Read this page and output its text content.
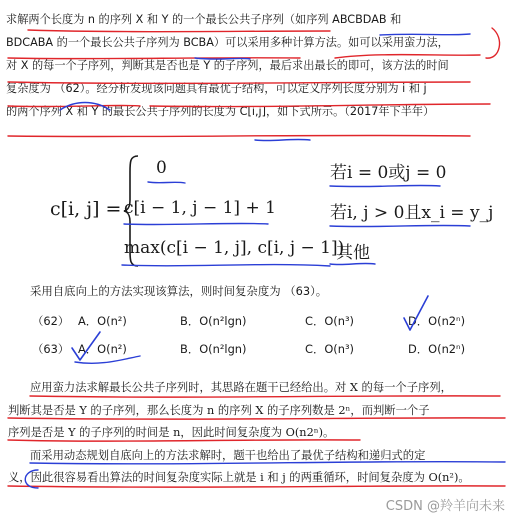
求解两个长度为 n 的序列 X 和 Y 的一个最长公共子序列（如序列 ABCBDAB 和
BDCABA 的一个最长公共子序列为 BCBA）可以采用多种计算方法。如可以采用蛮力法，
对 X 的每一个子序列，判断其是否也是 Y 的子序列，最后求出最长的即可，该方法的时间
复杂度为 （62）。经分析发现该问题具有最优子结构，可以定义序列长度分别为 i 和 j
的两个序列 X 和 Y 的最长公共子序列的长度为 C[i,j]，如下式所示。（2017年下半年）
c[i, j] =
0	若i = 0或j = 0
c[i − 1, j − 1] + 1	若i, j > 0且x_i = y_j
max(c[i − 1, j], c[i, j − 1])
其他
采用自底向上的方法实现该算法，则时间复杂度为 （63）。
（62） A．O(n²)	B．O(n²lgn)	C．O(n³)	D．O(n2ⁿ)
（63） A．O(n²)	B．O(n²lgn)	C．O(n³)	D．O(n2ⁿ)
应用蛮力法求解最长公共子序列时，其思路在题干已经给出。对 X 的每一个子序列，
判断其是否是 Y 的子序列，那么长度为 n 的序列 X 的子序列数是 2ⁿ，而判断一个子
序列是否是 Y 的子序列的时间是 n，因此时间复杂度为 O(n2ⁿ)。
而采用动态规划自底向上的方法求解时，题干也给出了最优子结构和递归式的定
义，因此很容易看出算法的时间复杂度实际上就是 i 和 j 的两重循环，时间复杂度为 O(n²)。
CSDN @羚羊向未来
